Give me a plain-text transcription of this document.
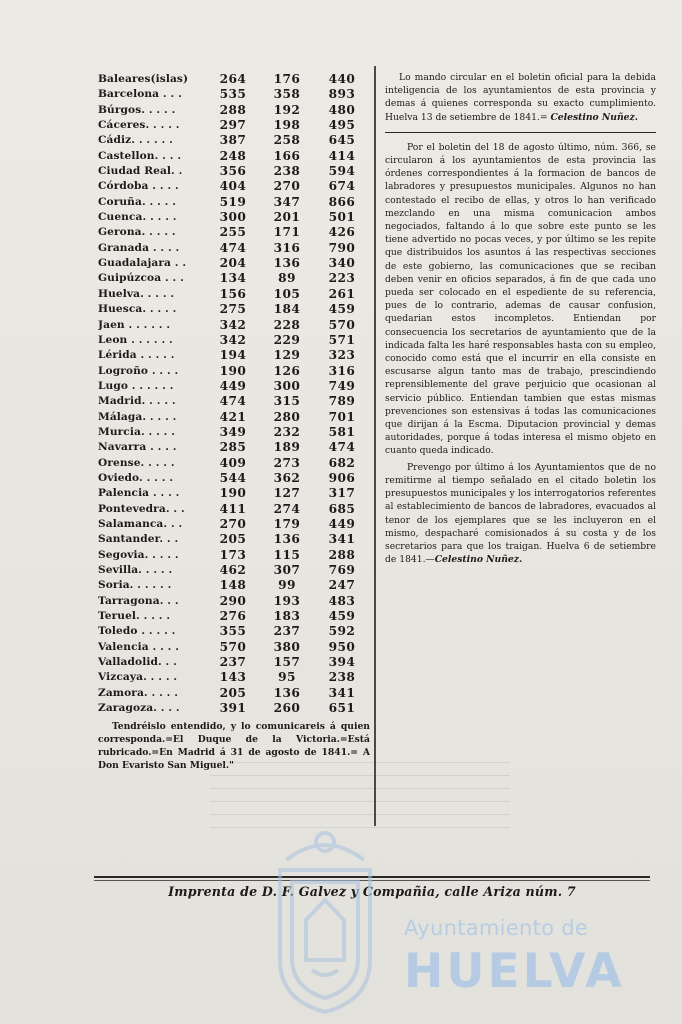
Baleares(islas)	264	176	440
Barcelona . . .	535	358	893
Búrgos. . . . .	288	192	480
Cáceres. . . . .	297	198	495
Cádiz. . . . . .	387	258	645
Castellon. . . .	248	166	414
Ciudad Real. .	356	238	594
Córdoba . . . .	404	270	674
Coruña. . . . .	519	347	866
Cuenca. . . . .	300	201	501
Gerona. . . . .	255	171	426
Granada . . . .	474	316	790
Guadalajara . .	204	136	340
Guipúzcoa . . .	134	89	223
Huelva. . . . .	156	105	261
Huesca. . . . .	275	184	459
Jaen . . . . . .	342	228	570
Leon . . . . . .	342	229	571
Lérida . . . . .	194	129	323
Logroño . . . .	190	126	316
Lugo . . . . . .	449	300	749
Madrid. . . . .	474	315	789
Málaga. . . . .	421	280	701
Murcia. . . . .	349	232	581
Navarra . . . .	285	189	474
Orense. . . . .	409	273	682
Oviedo. . . . .	544	362	906
Palencia . . . .	190	127	317
Pontevedra. . .	411	274	685
Salamanca. . .	270	179	449
Santander. . .	205	136	341
Segovia. . . . .	173	115	288
Sevilla. . . . .	462	307	769
Soria. . . . . .	148	99	247
Tarragona. . .	290	193	483
Teruel. . . . .	276	183	459
Toledo . . . . .	355	237	592
Valencia . . . .	570	380	950
Valladolid. . .	237	157	394
Vizcaya. . . . .	143	95	238
Zamora. . . . .	205	136	341
Zaragoza. . . .	391	260	651
Tendréislo entendido, y lo comunicareis á quien corresponda.=El Duque de la Victoria.=Está rubricado.=En Madrid á 31 de agosto de 1841.= A Don Evaristo San Miguel."

Lo mando circular en el boletin oficial para la debida inteligencia de los ayuntamientos de esta provincia y demas á quienes corresponda su exacto cumplimiento. Huelva 13 de setiembre de 1841.= Celestino Nuñez.

Por el boletin del 18 de agosto último, núm. 366, se circularon á los ayuntamientos de esta provincia las órdenes correspondientes á la formacion de bancos de labradores y presupuestos municipales. Algunos no han contestado el recibo de ellas, y otros lo han verificado mezclando en una misma comunicacion ambos negociados, faltando á lo que sobre este punto se les tiene advertido no pocas veces, y por último se les repite que distribuidos los asuntos á las respectivas secciones de este gobierno, las comunicaciones que se reciban deben venir en oficios separados, á fin de que cada uno pueda ser colocado en el espediente de su referencia, pues de lo contrario, ademas de causar confusion, quedarian estos incompletos. Entiendan por consecuencia los secretarios de ayuntamiento que de la indicada falta les haré responsables hasta con su empleo, conocido como está que el incurrir en ella consiste en escusarse algun tanto mas de trabajo, prescindiendo reprensiblemente del grave perjuicio que ocasionan al servicio público. Entiendan tambien que estas mismas prevenciones son estensivas á todas las comunicaciones que dirijan á la Escma. Diputacion provincial y demas autoridades, porque á todas interesa el mismo objeto en cuanto queda indicado.

Prevengo por último á los Ayuntamientos que de no remitirme al tiempo señalado en el citado boletin los presupuestos municipales y los interrogatorios referentes al establecimiento de bancos de labradores, evacuados al tenor de los ejemplares que se les incluyeron en el mismo, despacharé comisionados á su costa y de los secretarios para que los traigan. Huelva 6 de setiembre de 1841.—Celestino Nuñez.

Imprenta de D. F. Galvez y Compañia, calle Ariza núm. 7
Ayuntamiento de
HUELVA
